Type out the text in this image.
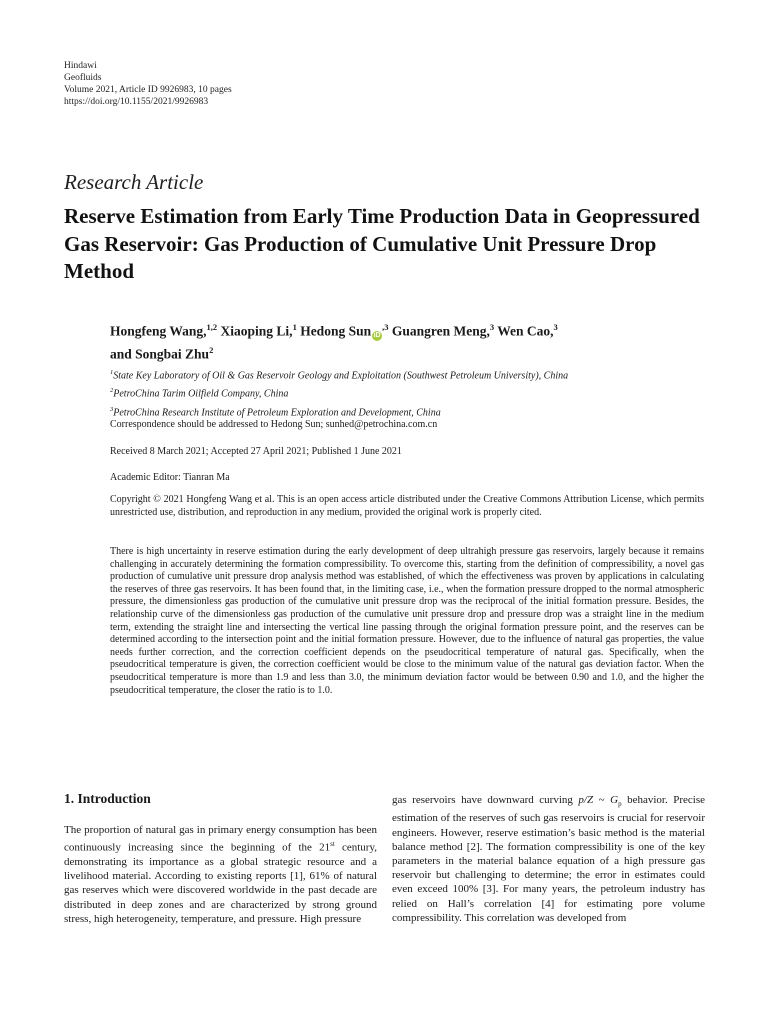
Hindawi
Geofluids
Volume 2021, Article ID 9926983, 10 pages
https://doi.org/10.1155/2021/9926983
Research Article
Reserve Estimation from Early Time Production Data in Geopressured Gas Reservoir: Gas Production of Cumulative Unit Pressure Drop Method
Hongfeng Wang,$^{1,2}$ Xiaoping Li,$^1$ Hedong Sun $iD^{,3}$ Guangren Meng,$^3$ Wen Cao,$^3$
and Songbai Zhu$^2$
$^1$State Key Laboratory of Oil & Gas Reservoir Geology and Exploitation (Southwest Petroleum University), China
$^2$PetroChina Tarim Oilfield Company, China
$^3$PetroChina Research Institute of Petroleum Exploration and Development, China
Correspondence should be addressed to Hedong Sun; sunhed@petrochina.com.cn
Received 8 March 2021; Accepted 27 April 2021; Published 1 June 2021
Academic Editor: Tianran Ma
Copyright © 2021 Hongfeng Wang et al. This is an open access article distributed under the Creative Commons Attribution License, which permits unrestricted use, distribution, and reproduction in any medium, provided the original work is properly cited.
There is high uncertainty in reserve estimation during the early development of deep ultrahigh pressure gas reservoirs, largely because it remains challenging in accurately determining the formation compressibility. To overcome this, starting from the definition of compressibility, a novel gas production of cumulative unit pressure drop analysis method was established, of which the effectiveness was proven by applications in calculating the reserves of three gas reservoirs. It has been found that, in the limiting case, i.e., when the formation pressure dropped to the normal atmospheric pressure, the dimensionless gas production of the cumulative unit pressure drop was the reciprocal of the initial formation pressure. Besides, the relationship curve of the dimensionless gas production of the cumulative unit pressure drop and pressure drop was a straight line in the medium term, extending the straight line and intersecting the vertical line passing through the original formation pressure point, and the reserves can be determined according to the intersection point and the initial formation pressure. However, due to the influence of natural gas properties, the value needs further correction, and the correction coefficient depends on the pseudocritical temperature of natural gas. Specifically, when the pseudocritical temperature is given, the correction coefficient would be close to the minimum value of the natural gas deviation factor. When the pseudocritical temperature is more than 1.9 and less than 3.0, the minimum deviation factor would be between 0.90 and 1.0, and the higher the pseudocritical temperature, the closer the ratio is to 1.0.
1. Introduction
The proportion of natural gas in primary energy consumption has been continuously increasing since the beginning of the 21st century, demonstrating its importance as a global strategic resource and a livelihood material. According to existing reports [1], 61% of natural gas reserves which were discovered worldwide in the past decade are distributed in deep zones and are characterized by strong ground stress, high heterogeneity, temperature, and pressure. High pressure
gas reservoirs have downward curving p/Z ~ $G_p$ behavior. Precise estimation of the reserves of such gas reservoirs is crucial for reservoir engineers. However, reserve estimation’s basic method is the material balance method [2]. The formation compressibility is one of the key parameters in the material balance equation of a high pressure gas reservoir but challenging to determine; the error in estimates could even exceed 100% [3]. For many years, the petroleum industry has relied on Hall’s correlation [4] for estimating pore volume compressibility. This correlation was developed from
